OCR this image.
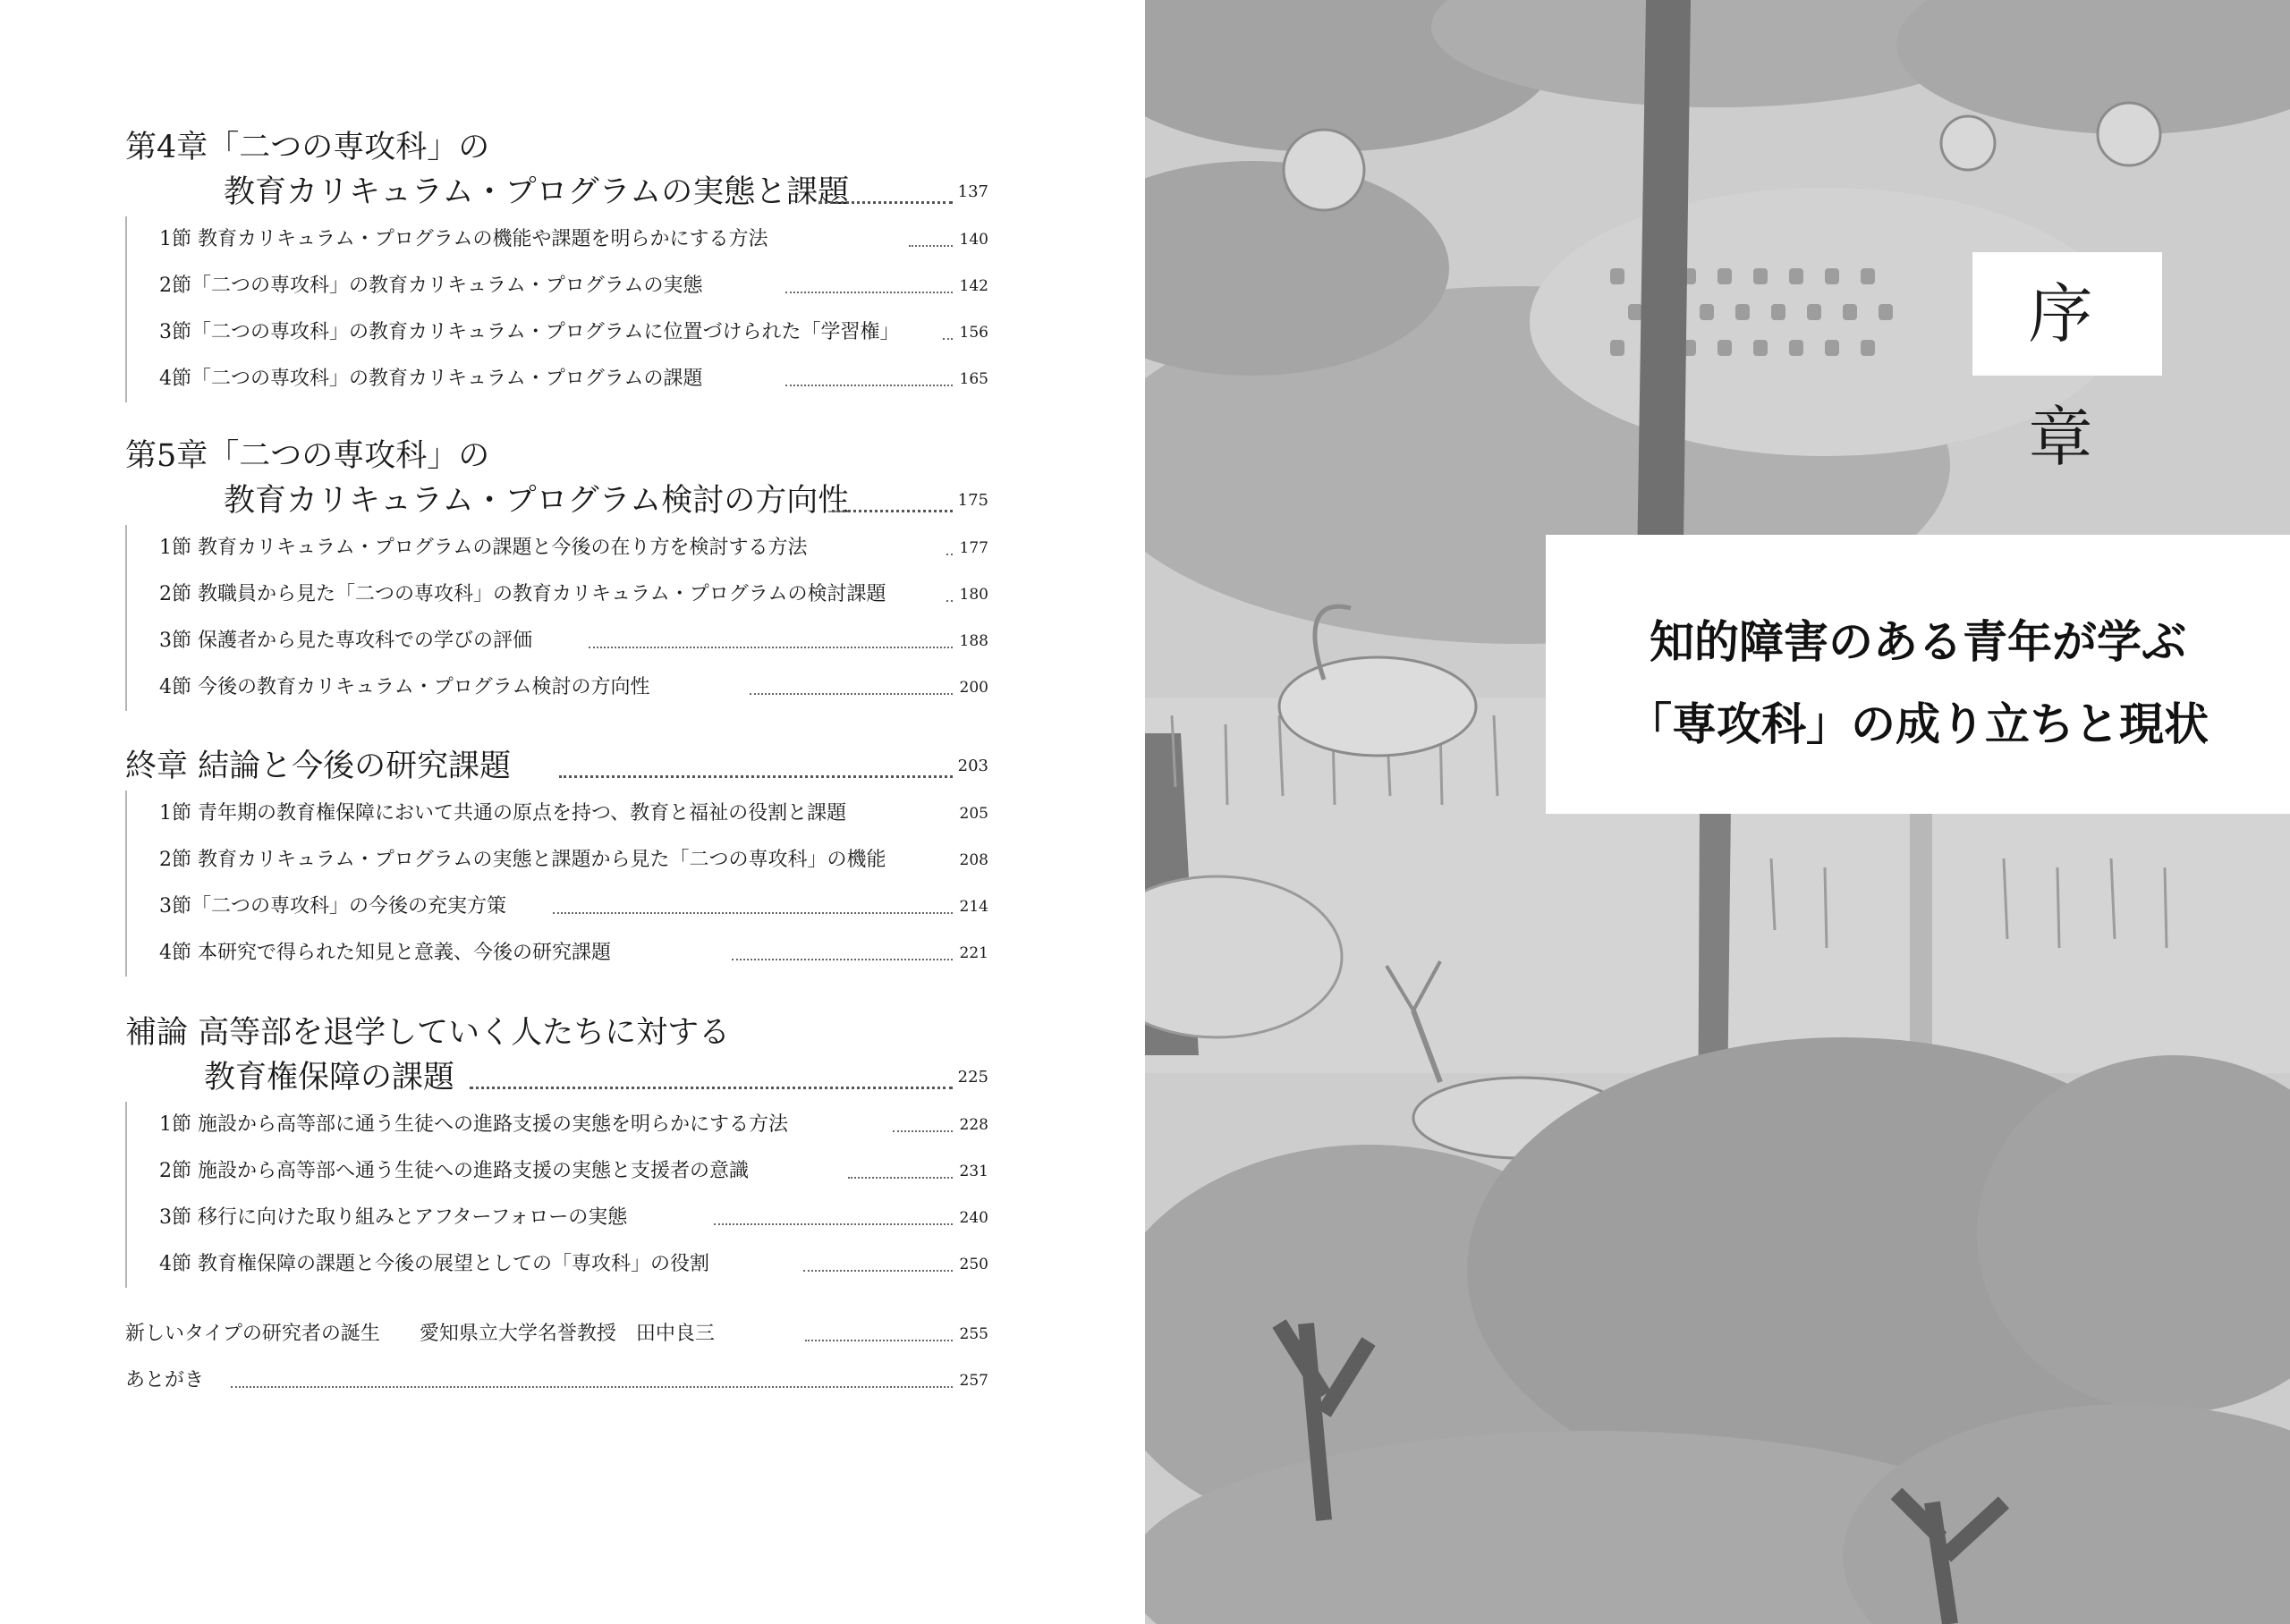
第4章「二つの専攻科」の
教育カリキュラム・プログラムの実態と課題	137
1節 教育カリキュラム・プログラムの機能や課題を明らかにする方法	140
2節「二つの専攻科」の教育カリキュラム・プログラムの実態	142
3節「二つの専攻科」の教育カリキュラム・プログラムに位置づけられた「学習権」	156
4節「二つの専攻科」の教育カリキュラム・プログラムの課題	165
第5章「二つの専攻科」の
教育カリキュラム・プログラム検討の方向性	175
1節 教育カリキュラム・プログラムの課題と今後の在り方を検討する方法	177
2節 教職員から見た「二つの専攻科」の教育カリキュラム・プログラムの検討課題	180
3節 保護者から見た専攻科での学びの評価	188
4節 今後の教育カリキュラム・プログラム検討の方向性	200
終章 結論と今後の研究課題	203
1節 青年期の教育権保障において共通の原点を持つ、教育と福祉の役割と課題	205
2節 教育カリキュラム・プログラムの実態と課題から見た「二つの専攻科」の機能	208
3節「二つの専攻科」の今後の充実方策	214
4節 本研究で得られた知見と意義、今後の研究課題	221
補論 高等部を退学していく人たちに対する
教育権保障の課題	225
1節 施設から高等部に通う生徒への進路支援の実態を明らかにする方法	228
2節 施設から高等部へ通う生徒への進路支援の実態と支援者の意識	231
3節 移行に向けた取り組みとアフターフォローの実態	240
4節 教育権保障の課題と今後の展望としての「専攻科」の役割	250
新しいタイプの研究者の誕生　　愛知県立大学名誉教授　田中良三	255
あとがき	257
序章
知的障害のある青年が学ぶ
「専攻科」の成り立ちと現状
